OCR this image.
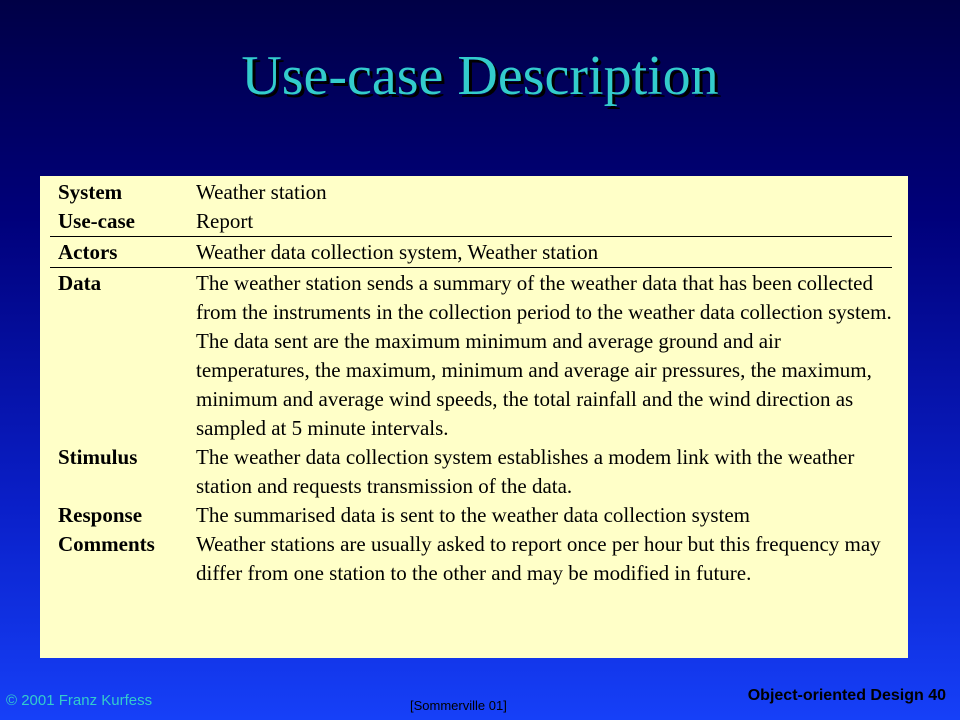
Use-case Description
System	Weather station
Use-case	Report
Actors	Weather data collection system, Weather station
Data	The weather station sends a summary of the weather data that has been collected from the instruments in the collection period to the weather data collection system. The data sent are the maximum minimum and average ground and air temperatures, the maximum, minimum and average air pressures, the maximum, minimum and average wind speeds, the total rainfall and the wind direction as sampled at 5 minute intervals.
Stimulus	The weather data collection system establishes a modem link with the weather station and requests transmission of the data.
Response	The summarised data is sent to the weather data collection system
Comments	Weather stations are usually asked to report once per hour but this frequency may differ from one station to the other and may be modified in future.
© 2001 Franz Kurfess	[Sommerville 01]
Object-oriented Design 40
